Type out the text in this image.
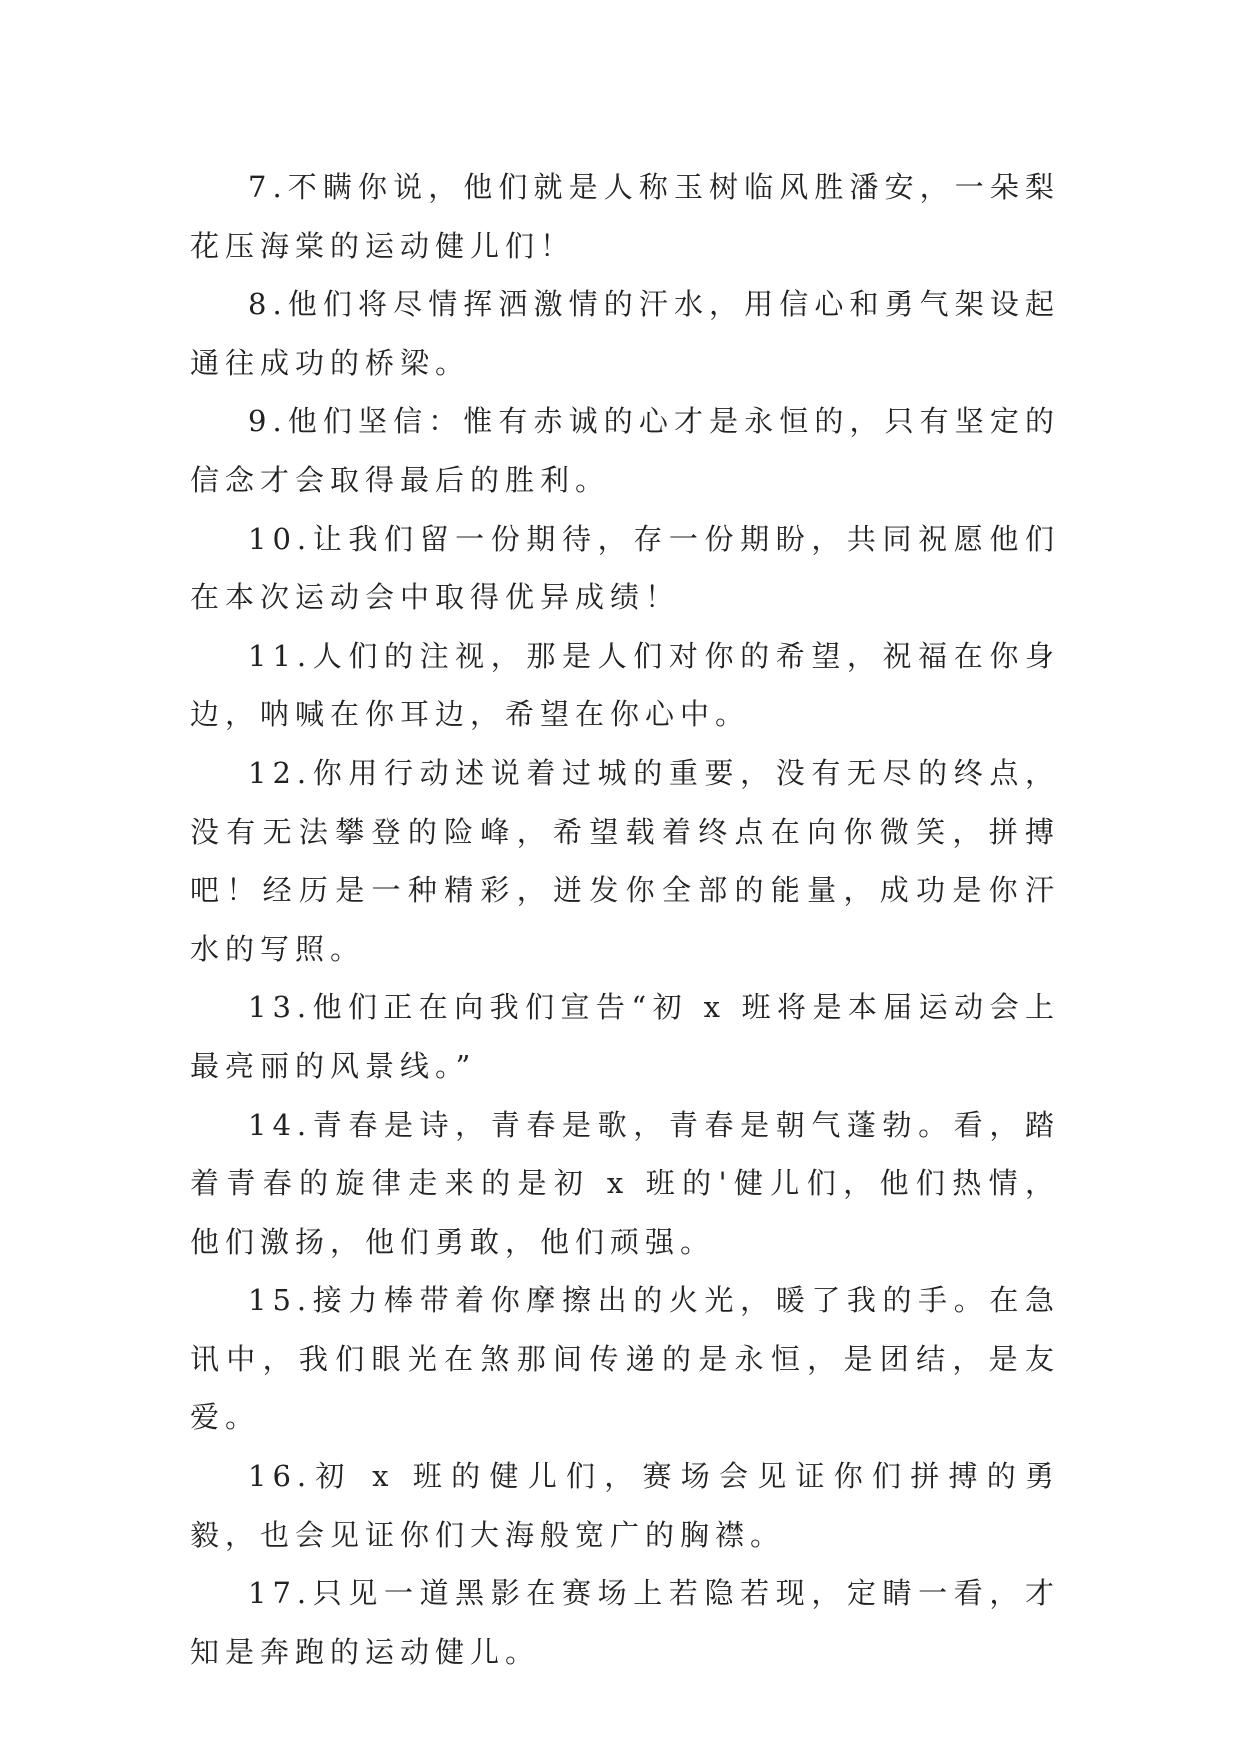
7.不瞒你说，他们就是人称玉树临风胜潘安，一朵梨花压海棠的运动健儿们！

8.他们将尽情挥洒激情的汗水，用信心和勇气架设起通往成功的桥梁。

9.他们坚信：惟有赤诚的心才是永恒的，只有坚定的信念才会取得最后的胜利。

10.让我们留一份期待，存一份期盼，共同祝愿他们在本次运动会中取得优异成绩！

11.人们的注视，那是人们对你的希望，祝福在你身边，呐喊在你耳边，希望在你心中。

12.你用行动述说着过城的重要，没有无尽的终点，没有无法攀登的险峰，希望载着终点在向你微笑，拼搏吧！经历是一种精彩，迸发你全部的能量，成功是你汗水的写照。

13.他们正在向我们宣告“初 x 班将是本届运动会上最亮丽的风景线。”

14.青春是诗，青春是歌，青春是朝气蓬勃。看，踏着青春的旋律走来的是初 x 班的'健儿们，他们热情，他们激扬，他们勇敢，他们顽强。

15.接力棒带着你摩擦出的火光，暖了我的手。在急讯中，我们眼光在煞那间传递的是永恒，是团结，是友爱。

16.初 x 班的健儿们，赛场会见证你们拼搏的勇毅，也会见证你们大海般宽广的胸襟。

17.只见一道黑影在赛场上若隐若现，定睛一看，才知是奔跑的运动健儿。
